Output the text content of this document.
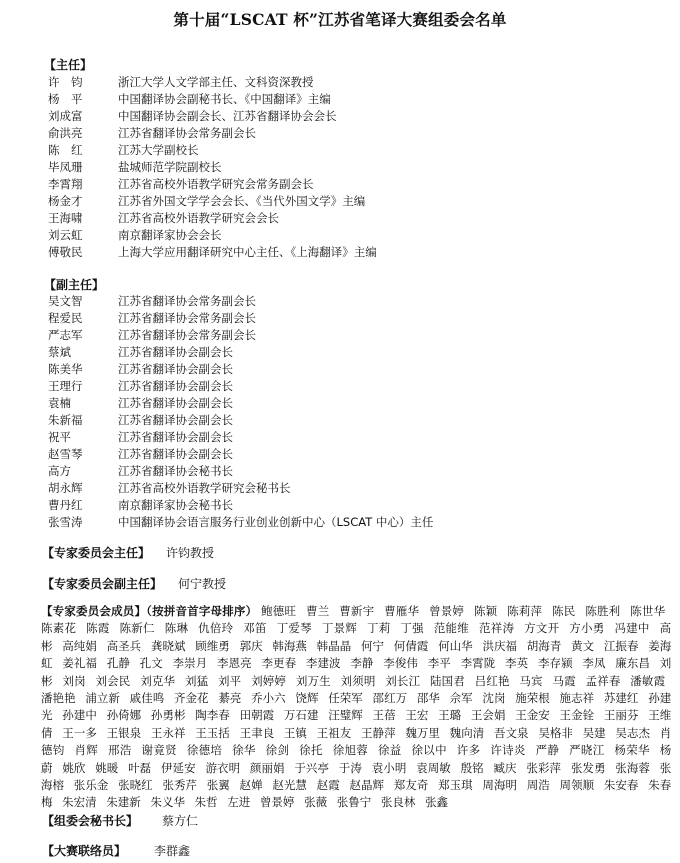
第十届“LSCAT 杯”江苏省笔译大赛组委会名单
【主任】
许　钧	浙江大学人文学部主任、文科资深教授
杨　平	中国翻译协会副秘书长、《中国翻译》主编
刘成富	中国翻译协会副会长、江苏省翻译协会会长
俞洪亮	江苏省翻译协会常务副会长
陈　红	江苏大学副校长
毕凤珊	盐城师范学院副校长
李霄翔	江苏省高校外语教学研究会常务副会长
杨金才	江苏省外国文学学会会长、《当代外国文学》主编
王海啸	江苏省高校外语教学研究会会长
刘云虹	南京翻译家协会会长
傅敬民	上海大学应用翻译研究中心主任、《上海翻译》主编
【副主任】
吴文智	江苏省翻译协会常务副会长
程爱民	江苏省翻译协会常务副会长
严志军	江苏省翻译协会常务副会长
蔡斌	江苏省翻译协会副会长
陈美华	江苏省翻译协会副会长
王理行	江苏省翻译协会副会长
袁楠	江苏省翻译协会副会长
朱新福	江苏省翻译协会副会长
祝平	江苏省翻译协会副会长
赵雪琴	江苏省翻译协会副会长
高方	江苏省翻译协会秘书长
胡永辉	江苏省高校外语教学研究会秘书长
曹丹红	南京翻译家协会秘书长
张雪涛	中国翻译协会语言服务行业创业创新中心（LSCAT 中心）主任
【专家委员会主任】 许钧教授
【专家委员会副主任】 何宁教授
【专家委员会成员】（按拼音首字母排序） 鲍德旺 曹兰 曹新宇 曹雁华 曾景婷 陈颖 陈莉萍 陈民 陈胜利 陈世华 陈素花 陈霞 陈新仁 陈琳 仇倍玲 邓笛 丁爱琴 丁景辉 丁莉 丁强 范能维 范祥涛 方文开 方小勇 冯建中 高彬 高纯娟 高圣兵 龚晓斌 顾维勇 郭庆 韩海燕 韩晶晶 何宁 何倩霞 何山华 洪庆福 胡海青 黄文 江振春 姜海虹 姜礼福 孔静 孔文 李崇月 李恩亮 李更春 李建波 李静 李俊伟 李平 李霄陇 李英 李存颍 李凤 廉东昌 刘彬 刘岗 刘会民 刘克华 刘猛 刘平 刘婷婷 刘万生 刘须明 刘长江 陆国君 吕红艳 马宾 马霞 孟祥春 潘敏霞 潘艳艳 浦立新 戚佳鸣 齐金花 綦亮 乔小六 饶辉 任荣军 邵红万 邵华 佘军 沈岗 施荣根 施志祥 苏建红 孙建光 孙建中 孙倚娜 孙勇彬 陶李春 田朝霞 万石建 汪璧辉 王蓓 王宏 王璐 王会娟 王金安 王金铨 王丽芬 王维倩 王一多 王银泉 王永祥 王玉括 王聿良 王镇 王祖友 王静萍 魏万里 魏向清 吾文泉 吴格非 吴建 吴志杰 肖德钧 肖辉 邢浩 谢竟贤 徐德培 徐华 徐剑 徐托 徐旭蓉 徐益 徐以中 许多 许诗炎 严静 严晓江 杨荣华 杨蔚 姚欣 姚暖 叶磊 伊延安 游衣明 颜丽娟 于兴亭 于涛 袁小明 袁周敏 殷铭 臧庆 张彩萍 张发勇 张海蓉 张海榕 张乐金 张晓红 张秀芹 张翼 赵婵 赵光慧 赵霞 赵晶辉 郑友奇 郑玉琪 周海明 周浩 周领顺 朱安春 朱春梅 朱宏清 朱建新 朱义华 朱哲 左进 曾景婷 张薇 张鲁宁 张良林 张鑫
【组委会秘书长】 蔡方仁
【大赛联络员】 李群鑫
